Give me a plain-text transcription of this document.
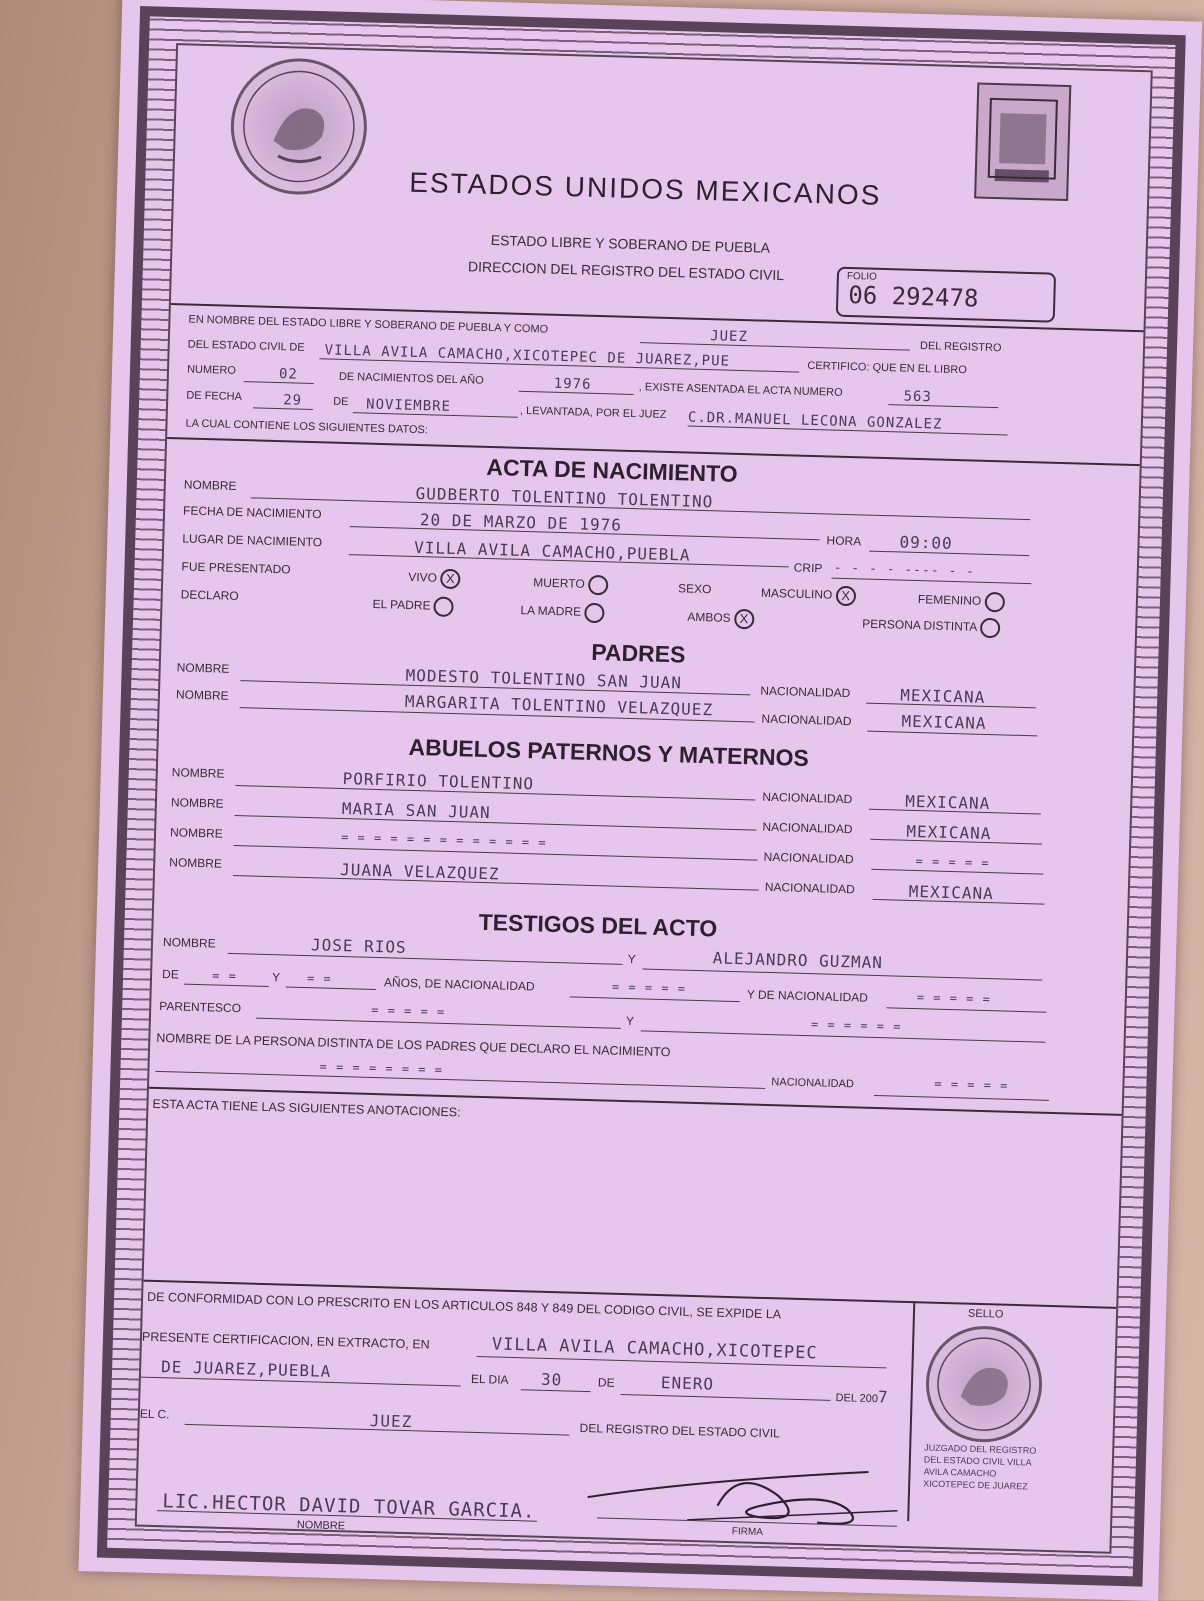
ESTADOS UNIDOS MEXICANOS
ESTADO LIBRE Y SOBERANO DE PUEBLA
DIRECCION DEL REGISTRO DEL ESTADO CIVIL	FOLIO
06 292478
EN NOMBRE DEL ESTADO LIBRE Y SOBERANO DE PUEBLA Y COMO
JUEZ
DEL REGISTRO
DEL ESTADO CIVIL DE VILLA AVILA CAMACHO,XICOTEPEC DE JUAREZ,PUE	CERTIFICO: QUE EN EL LIBRO
NUMERO	02	DE NACIMIENTOS DEL AÑO	1976	, EXISTE ASENTADA EL ACTA NUMERO	563
DE FECHA	29	DE NOVIEMBRE	, LEVANTADA, POR EL JUEZ C.DR.MANUEL LECONA GONZALEZ
LA CUAL CONTIENE LOS SIGUIENTES DATOS:
ACTA DE NACIMIENTO
NOMBRE	GUDBERTO TOLENTINO TOLENTINO
FECHA DE NACIMIENTO	20 DE MARZO DE 1976
HORA 09:00
LUGAR DE NACIMIENTO	VILLA AVILA CAMACHO,PUEBLA
CRIP - - - - ---- - -
FUE PRESENTADO
VIVO X	MUERTO	SEXO	MASCULINO X	FEMENINO
DECLARO
EL PADRE	LA MADRE	AMBOS X	PERSONA DISTINTA
PADRES
NOMBRE	MODESTO TOLENTINO SAN JUAN	NACIONALIDAD	MEXICANA
NOMBRE	MARGARITA TOLENTINO VELAZQUEZ
NACIONALIDAD	MEXICANA
ABUELOS PATERNOS Y MATERNOS
NOMBRE	PORFIRIO TOLENTINO
NACIONALIDAD	MEXICANA
NOMBRE	MARIA SAN JUAN
NACIONALIDAD	MEXICANA
NOMBRE	= = = = = = = = = = = = =
NACIONALIDAD	= = = = =
NOMBRE	JUANA VELAZQUEZ
NACIONALIDAD	MEXICANA
TESTIGOS DEL ACTO
NOMBRE	JOSE RIOS
Y	ALEJANDRO GUZMAN
DE	= =	Y = =	AÑOS, DE NACIONALIDAD	= = = = =	Y DE NACIONALIDAD	= = = = =
PARENTESCO	= = = = =
Y	= = = = = =
NOMBRE DE LA PERSONA DISTINTA DE LOS PADRES QUE DECLARO EL NACIMIENTO
= = = = = = = =
NACIONALIDAD	= = = = =
ESTA ACTA TIENE LAS SIGUIENTES ANOTACIONES:
DE CONFORMIDAD CON LO PRESCRITO EN LOS ARTICULOS 848 Y 849 DEL CODIGO CIVIL, SE EXPIDE LA
PRESENTE CERTIFICACION, EN EXTRACTO, EN	VILLA AVILA CAMACHO,XICOTEPEC
DE JUAREZ,PUEBLA	EL DIA 30	DE	ENERO
DEL 2007
EL C.	JUEZ	DEL REGISTRO DEL ESTADO CIVIL
LIC.HECTOR DAVID TOVAR GARCIA.
NOMBRE	FIRMA
SELLO
JUZGADO DEL REGISTRO DEL ESTADO CIVIL VILLA AVILA CAMACHO XICOTEPEC DE JUAREZ
